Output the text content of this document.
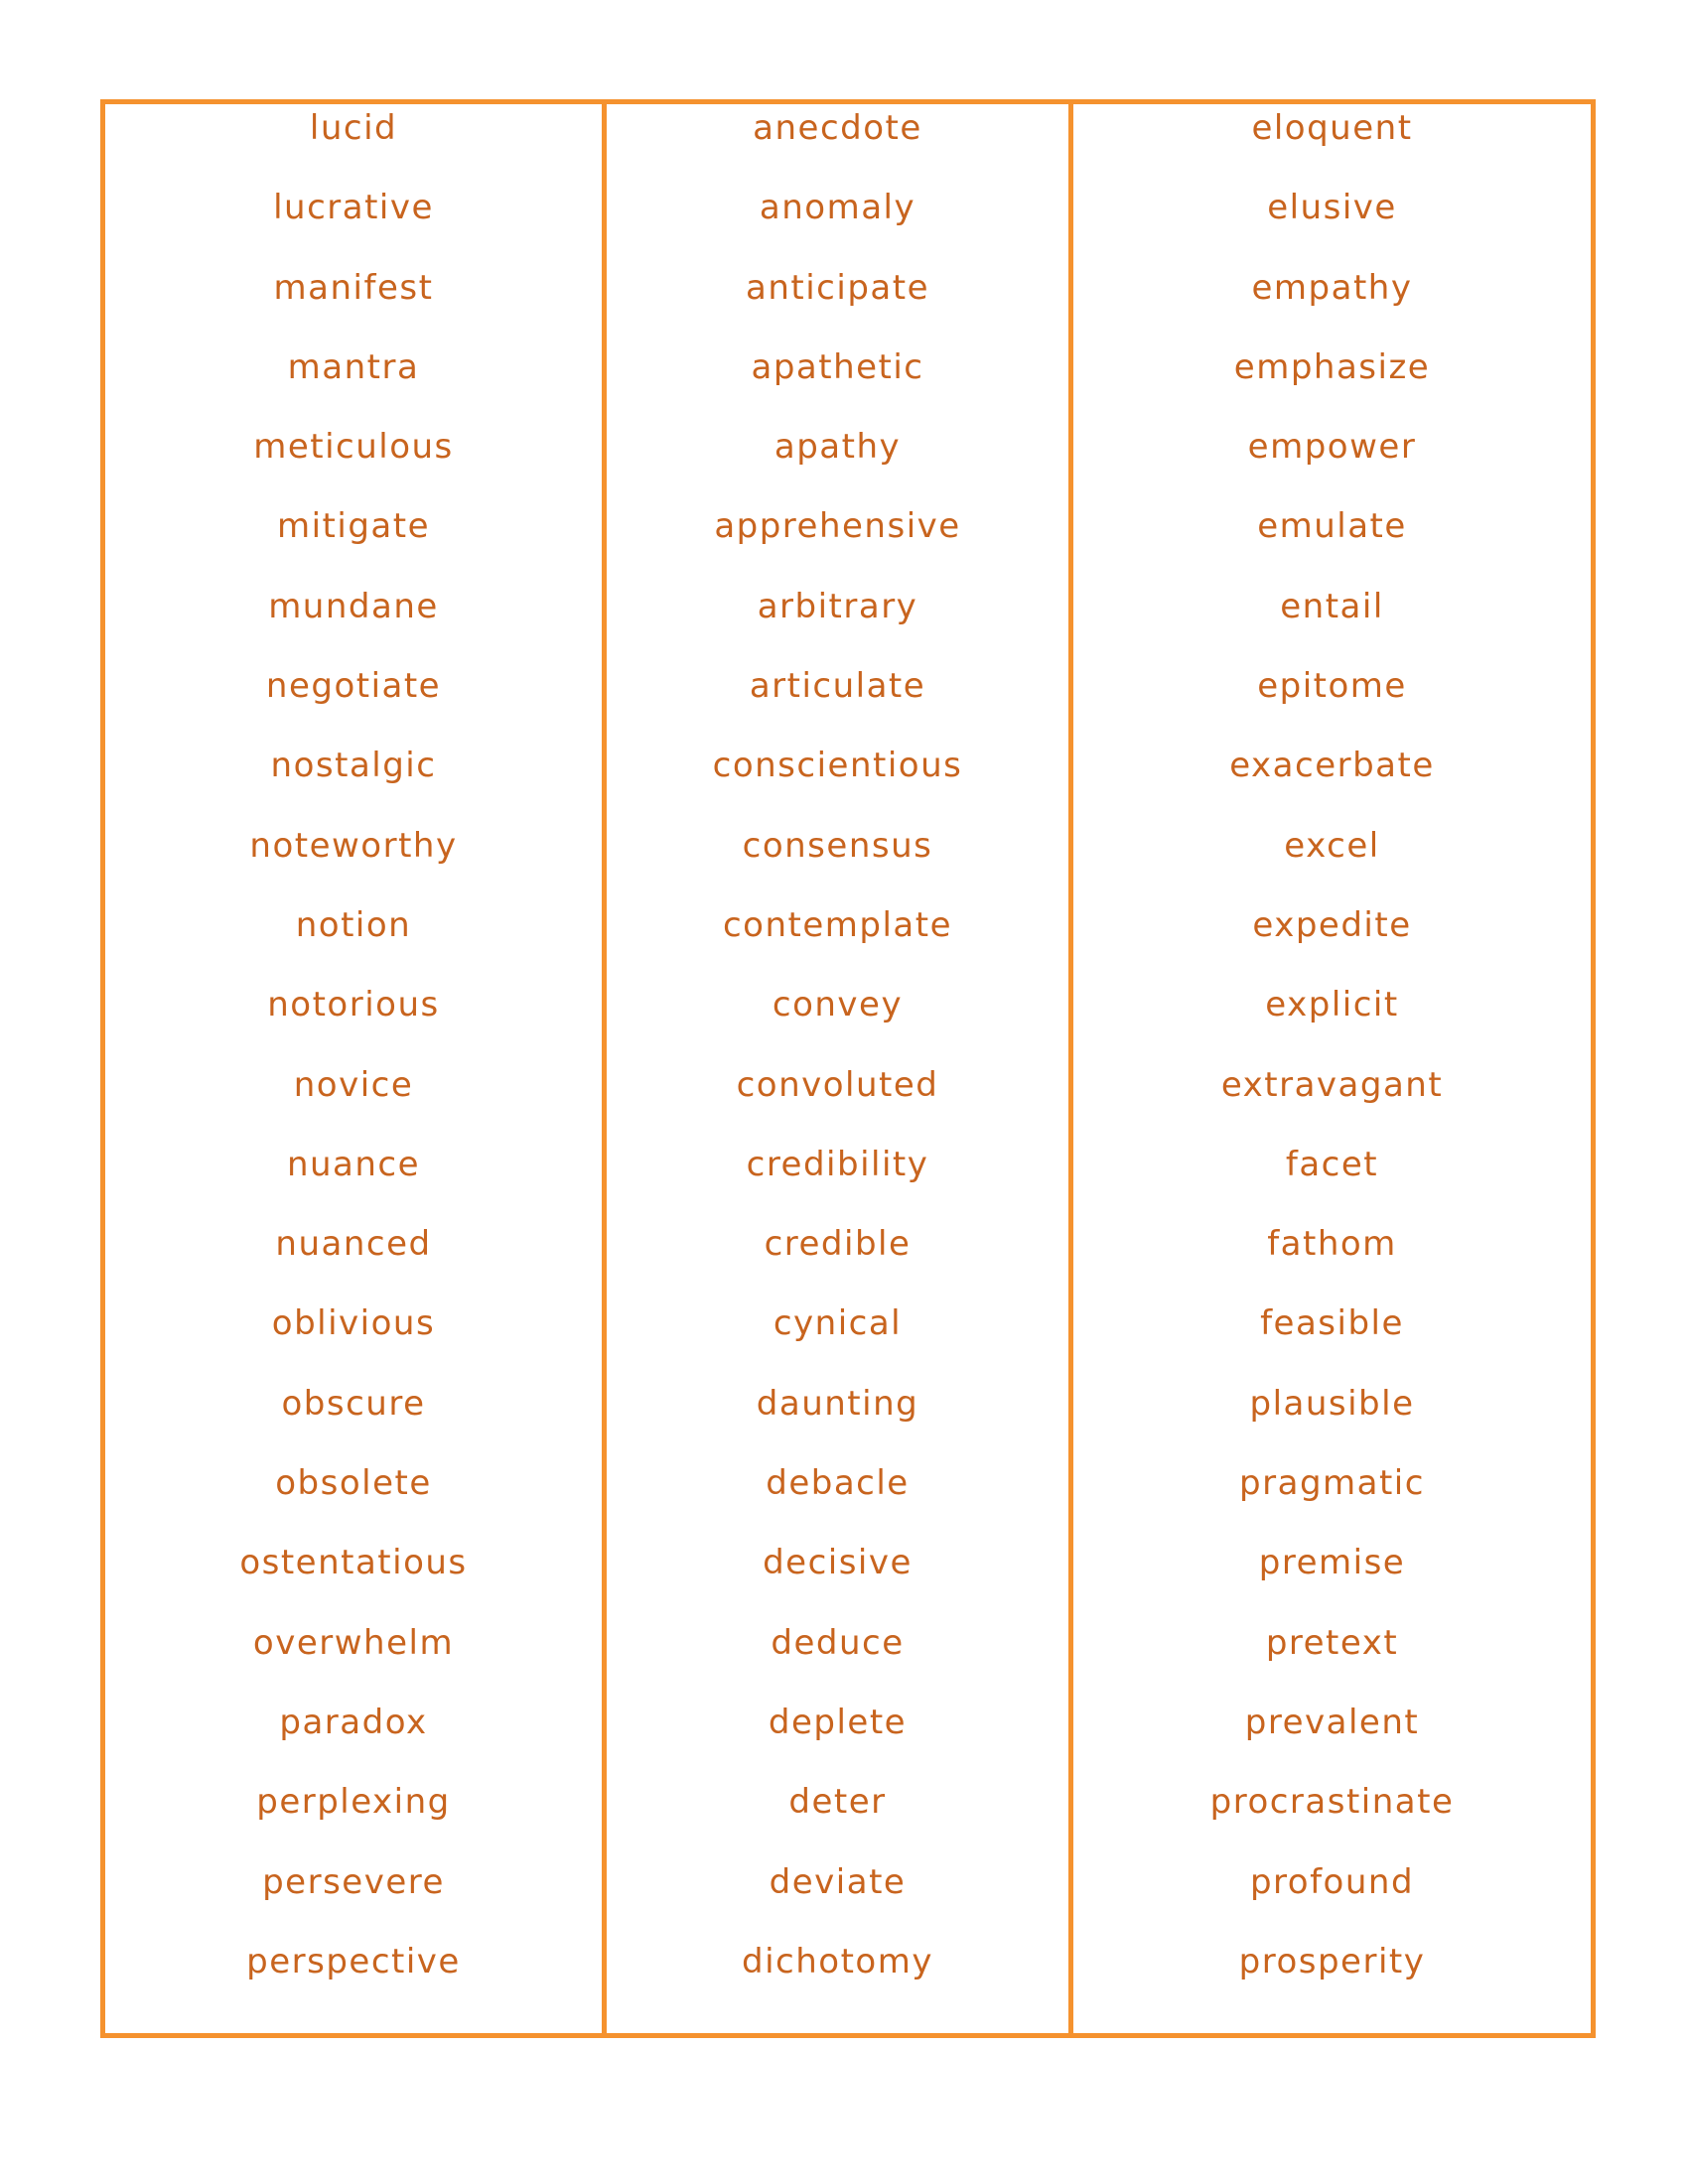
lucid
lucrative
manifest
mantra
meticulous
mitigate
mundane
negotiate
nostalgic
noteworthy
notion
notorious
novice
nuance
nuanced
oblivious
obscure
obsolete
ostentatious
overwhelm
paradox
perplexing
persevere
perspective
anecdote
anomaly
anticipate
apathetic
apathy
apprehensive
arbitrary
articulate
conscientious
consensus
contemplate
convey
convoluted
credibility
credible
cynical
daunting
debacle
decisive
deduce
deplete
deter
deviate
dichotomy
eloquent
elusive
empathy
emphasize
empower
emulate
entail
epitome
exacerbate
excel
expedite
explicit
extravagant
facet
fathom
feasible
plausible
pragmatic
premise
pretext
prevalent
procrastinate
profound
prosperity
